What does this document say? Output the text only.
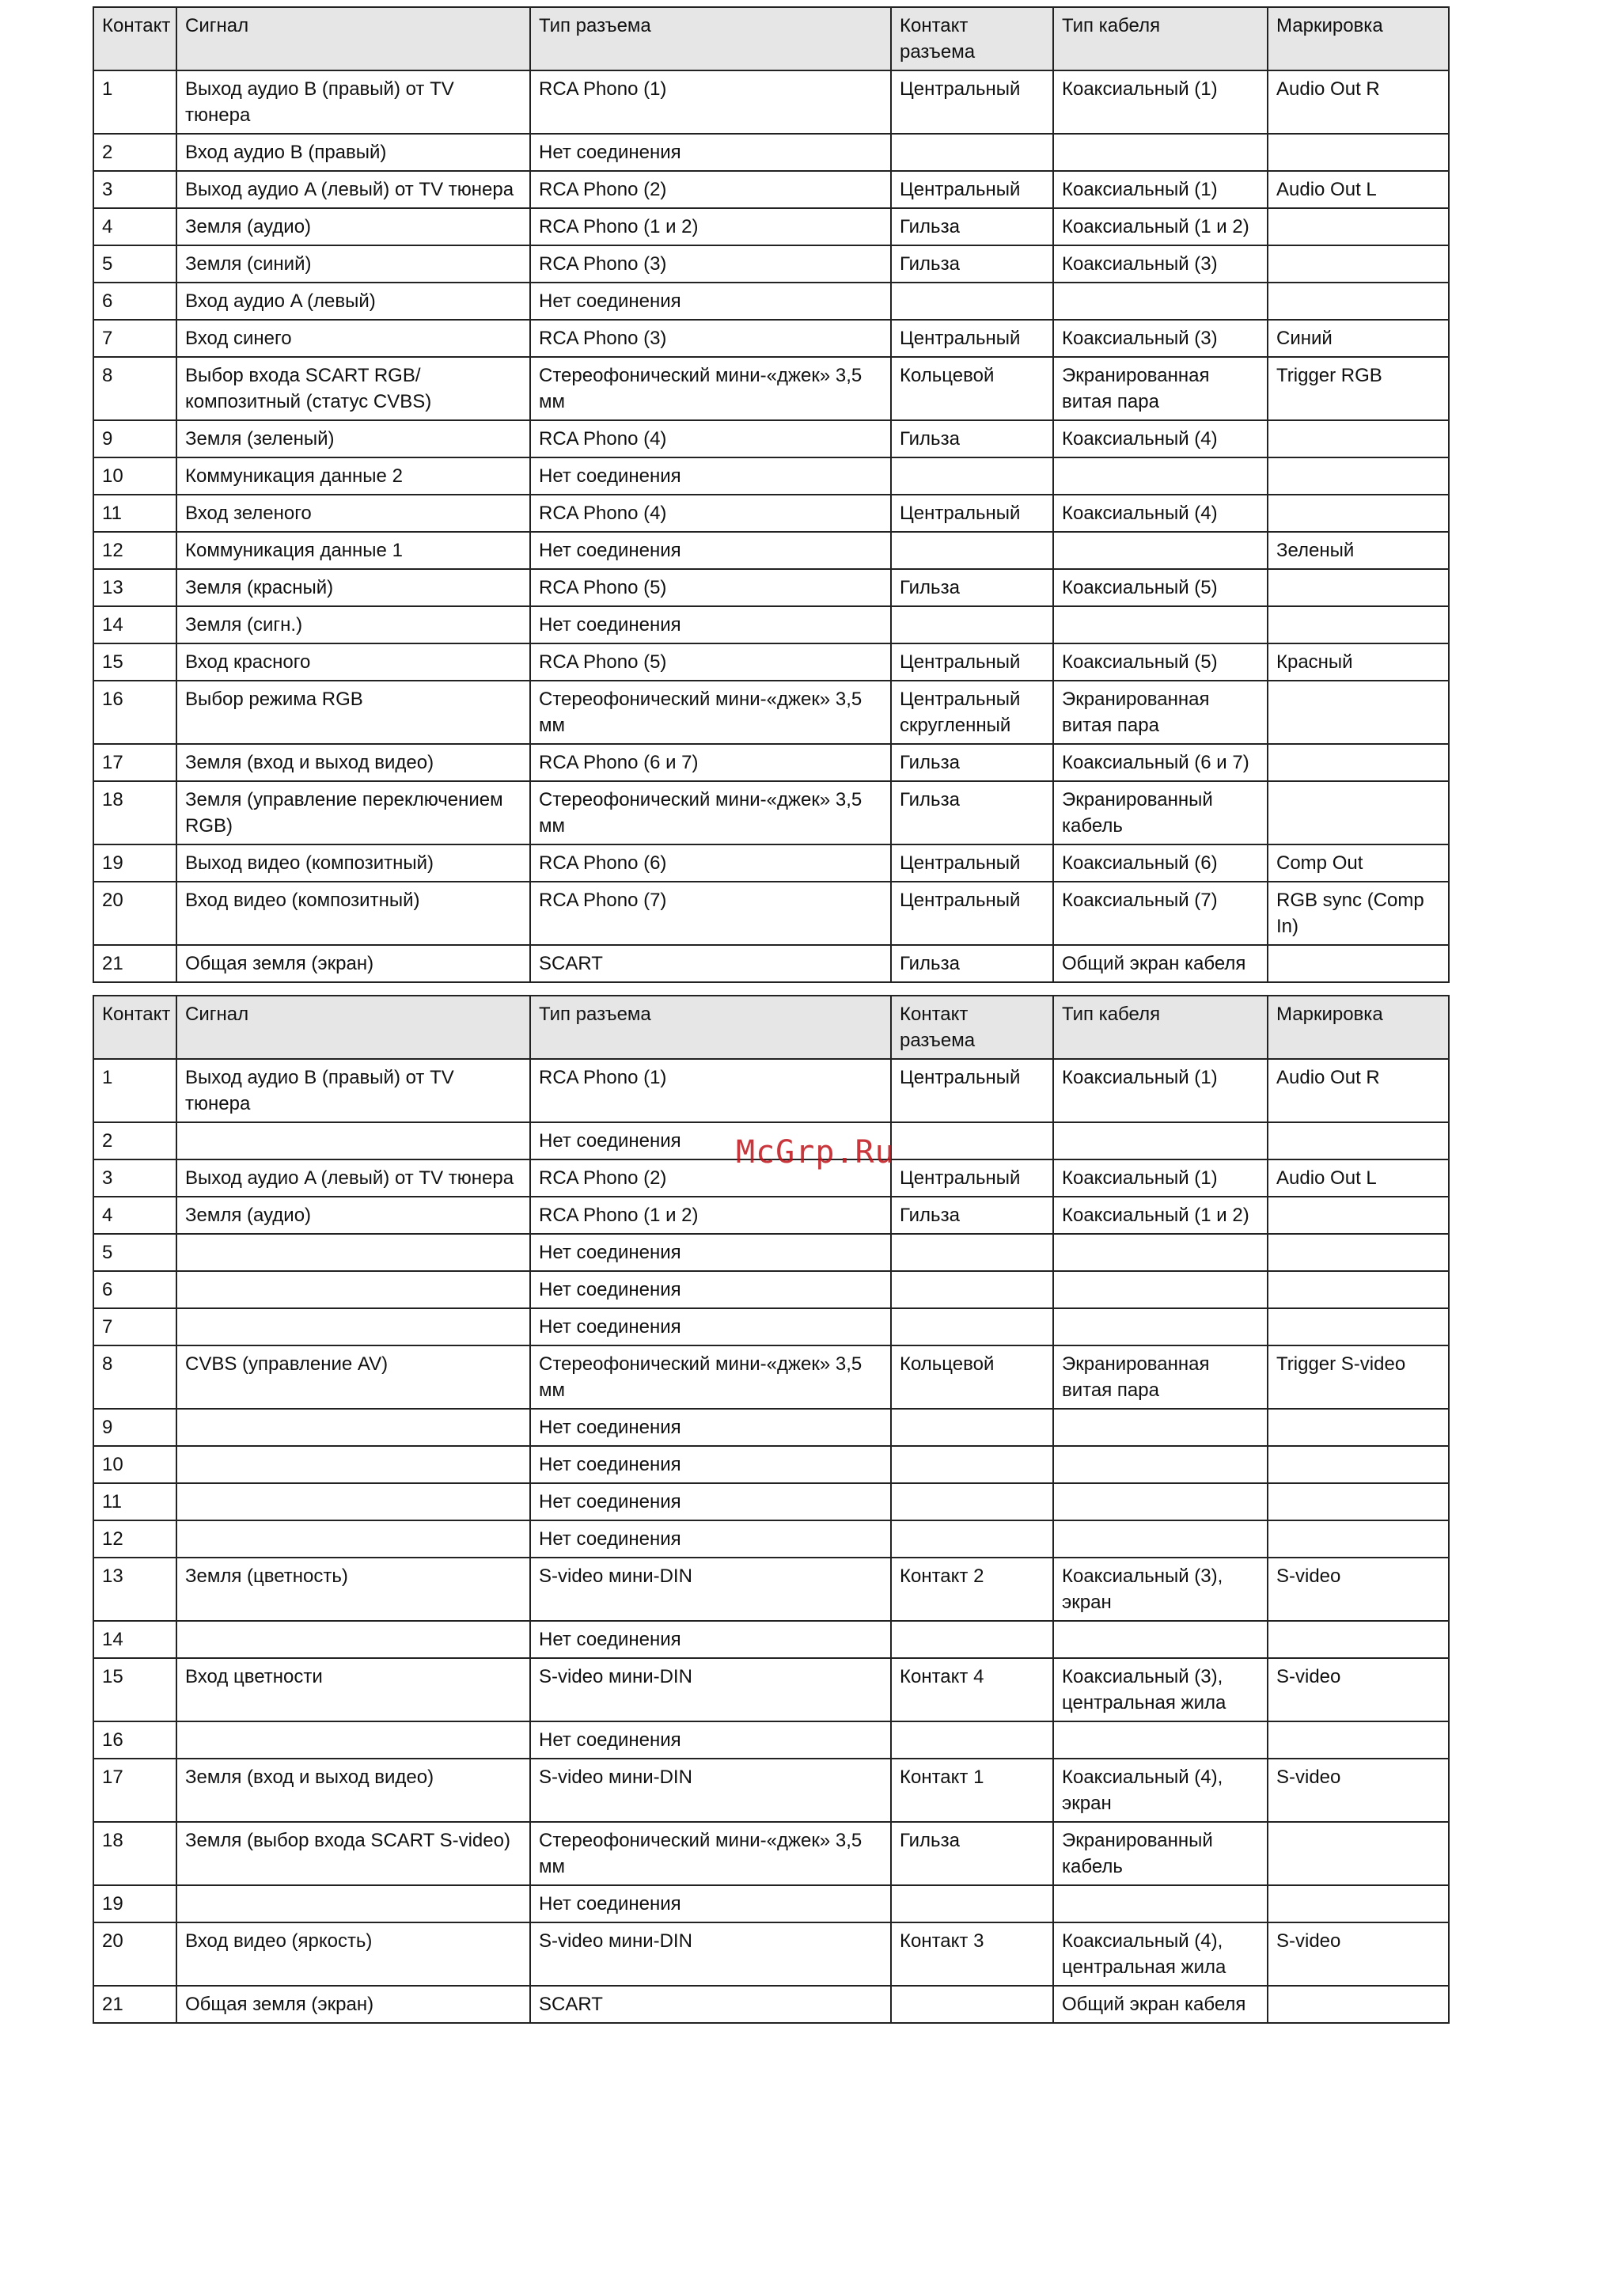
Контакт	Сигнал	Тип разъема	Контакт разъема	Тип кабеля	Маркировка
1	Выход аудио B (правый) от TV тюнера	RCA Phono (1)	Центральный	Коаксиальный (1)	Audio Out R
2	Вход аудио B (правый)	Нет соединения			
3	Выход аудио A (левый) от TV тюнера	RCA Phono (2)	Центральный	Коаксиальный (1)	Audio Out L
4	Земля (аудио)	RCA Phono (1 и 2)	Гильза	Коаксиальный (1 и 2)	
5	Земля (синий)	RCA Phono (3)	Гильза	Коаксиальный (3)	
6	Вход аудио A (левый)	Нет соединения			
7	Вход синего	RCA Phono (3)	Центральный	Коаксиальный (3)	Синий
8	Выбор входа SCART RGB/композитный (статус CVBS)	Стереофонический мини-«джек» 3,5 мм	Кольцевой	Экранированная витая пара	Trigger RGB
9	Земля (зеленый)	RCA Phono (4)	Гильза	Коаксиальный (4)	
10	Коммуникация данные 2	Нет соединения			
11	Вход зеленого	RCA Phono (4)	Центральный	Коаксиальный (4)	
12	Коммуникация данные 1	Нет соединения			Зеленый
13	Земля (красный)	RCA Phono (5)	Гильза	Коаксиальный (5)	
14	Земля (сигн.)	Нет соединения			
15	Вход красного	RCA Phono (5)	Центральный	Коаксиальный (5)	Красный
16	Выбор режима RGB	Стереофонический мини-«джек» 3,5 мм	Центральный скругленный	Экранированная витая пара	
17	Земля (вход и выход видео)	RCA Phono (6 и 7)	Гильза	Коаксиальный (6 и 7)	
18	Земля (управление переключением RGB)	Стереофонический мини-«джек» 3,5 мм	Гильза	Экранированный кабель	
19	Выход видео (композитный)	RCA Phono (6)	Центральный	Коаксиальный (6)	Comp Out
20	Вход видео (композитный)	RCA Phono (7)	Центральный	Коаксиальный (7)	RGB sync (Comp In)
21	Общая земля (экран)	SCART	Гильза	Общий экран кабеля	
Контакт	Сигнал	Тип разъема	Контакт разъема	Тип кабеля	Маркировка
1	Выход аудио B (правый) от TV тюнера	RCA Phono (1)	Центральный	Коаксиальный (1)	Audio Out R
2		Нет соединения			
3	Выход аудио A (левый) от TV тюнера	RCA Phono (2)	Центральный	Коаксиальный (1)	Audio Out L
4	Земля (аудио)	RCA Phono (1 и 2)	Гильза	Коаксиальный (1 и 2)	
5		Нет соединения			
6		Нет соединения			
7		Нет соединения			
8	CVBS (управление AV)	Стереофонический мини-«джек» 3,5 мм	Кольцевой	Экранированная витая пара	Trigger S-video
9		Нет соединения			
10		Нет соединения			
11		Нет соединения			
12		Нет соединения			
13	Земля (цветность)	S-video мини-DIN	Контакт 2	Коаксиальный (3), экран	S-video
14		Нет соединения			
15	Вход цветности	S-video мини-DIN	Контакт 4	Коаксиальный (3), центральная жила	S-video
16		Нет соединения			
17	Земля (вход и выход видео)	S-video мини-DIN	Контакт 1	Коаксиальный (4), экран	S-video
18	Земля (выбор входа SCART S-video)	Стереофонический мини-«джек» 3,5 мм	Гильза	Экранированный кабель	
19		Нет соединения			
20	Вход видео (яркость)	S-video мини-DIN	Контакт 3	Коаксиальный (4), центральная жила	S-video
21	Общая земля (экран)	SCART		Общий экран кабеля	
McGrp.Ru
